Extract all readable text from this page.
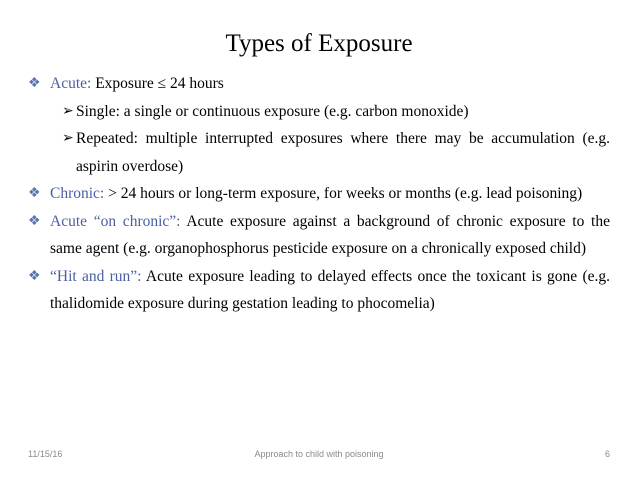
Types of Exposure
❖ Acute: Exposure ≤ 24 hours
➢ Single: a single or continuous exposure (e.g. carbon monoxide)
➢ Repeated: multiple interrupted exposures where there may be accumulation (e.g. aspirin overdose)
❖ Chronic: > 24 hours or long-term exposure, for weeks or months (e.g. lead poisoning)
❖ Acute “on chronic”: Acute exposure against a background of chronic exposure to the same agent (e.g. organophosphorus pesticide exposure on a chronically exposed child)
❖ “Hit and run”: Acute exposure leading to delayed effects once the toxicant is gone (e.g. thalidomide exposure during gestation leading to phocomelia)
11/15/16	Approach to child with poisoning	6
